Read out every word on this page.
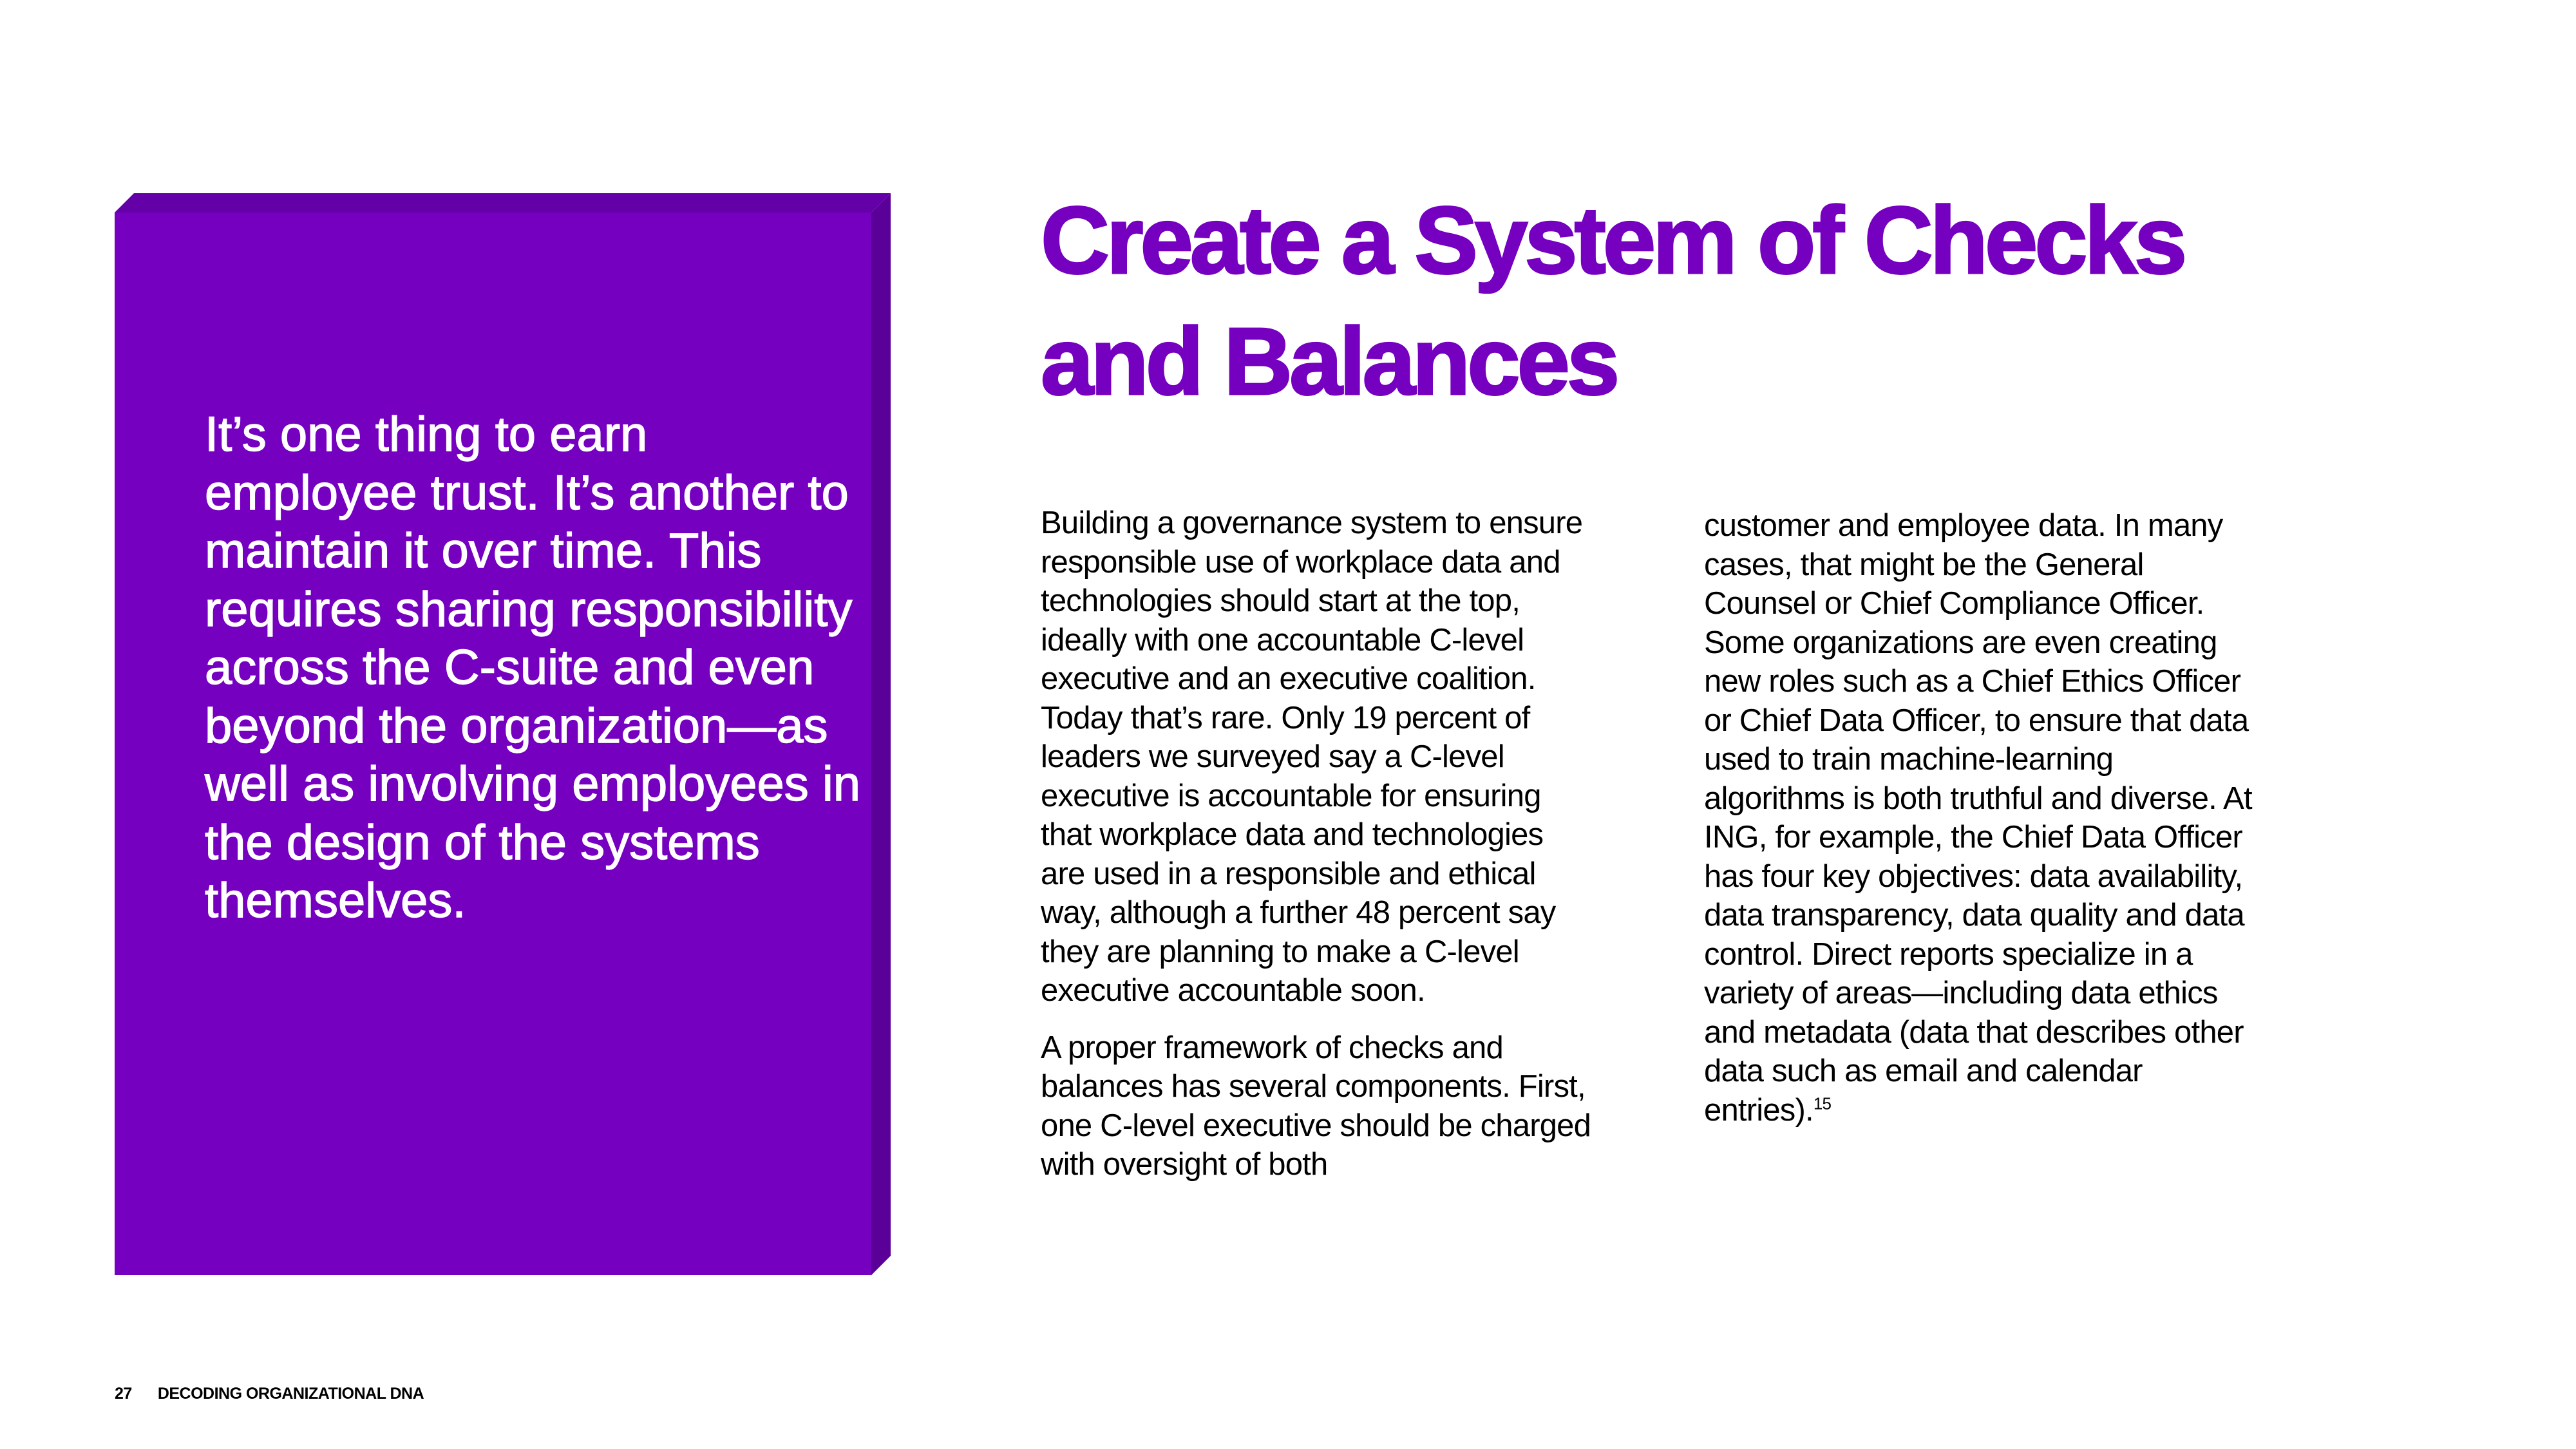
It’s one thing to earn employee trust. It’s another to maintain it over time. This requires sharing responsibility across the C-suite and even beyond the organization—as well as involving employees in the design of the systems themselves.

Create a System of Checks
and Balances

Building a governance system to ensure responsible use of workplace data and technologies should start at the top, ideally with one accountable C-level executive and an executive coalition. Today that’s rare. Only 19 percent of leaders we surveyed say a C-level executive is accountable for ensuring that workplace data and technologies are used in a responsible and ethical way, although a further 48 percent say they are planning to make a C-level executive accountable soon.

A proper framework of checks and balances has several components. First, one C-level executive should be charged with oversight of both

customer and employee data. In many cases, that might be the General Counsel or Chief Compliance Officer. Some organizations are even creating new roles such as a Chief Ethics Officer or Chief Data Officer, to ensure that data used to train machine-learning algorithms is both truthful and diverse. At ING, for example, the Chief Data Officer has four key objectives: data availability, data transparency, data quality and data control. Direct reports specialize in a variety of areas—including data ethics and metadata (data that describes other data such as email and calendar entries).$^{15}$

27 DECODING ORGANIZATIONAL DNA
